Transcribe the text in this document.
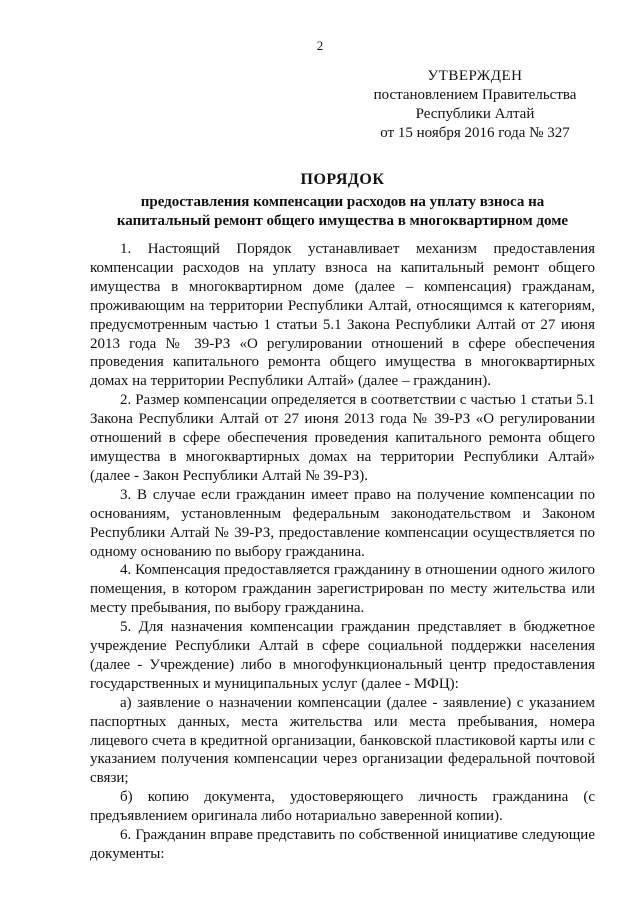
2
УТВЕРЖДЕН
постановлением Правительства
Республики Алтай
от 15 ноября 2016 года № 327
ПОРЯДОК
предоставления компенсации расходов на уплату взноса на
капитальный ремонт общего имущества в многоквартирном доме

1. Настоящий Порядок устанавливает механизм предоставления компенсации расходов на уплату взноса на капитальный ремонт общего имущества в многоквартирном доме (далее – компенсация) гражданам, проживающим на территории Республики Алтай, относящимся к категориям, предусмотренным частью 1 статьи 5.1 Закона Республики Алтай от 27 июня 2013 года № 39-РЗ «О регулировании отношений в сфере обеспечения проведения капитального ремонта общего имущества в многоквартирных домах на территории Республики Алтай» (далее – гражданин).

2. Размер компенсации определяется в соответствии с частью 1 статьи 5.1 Закона Республики Алтай от 27 июня 2013 года № 39-РЗ «О регулировании отношений в сфере обеспечения проведения капитального ремонта общего имущества в многоквартирных домах на территории Республики Алтай» (далее - Закон Республики Алтай № 39-РЗ).

3. В случае если гражданин имеет право на получение компенсации по основаниям, установленным федеральным законодательством и Законом Республики Алтай № 39-РЗ, предоставление компенсации осуществляется по одному основанию по выбору гражданина.

4. Компенсация предоставляется гражданину в отношении одного жилого помещения, в котором гражданин зарегистрирован по месту жительства или месту пребывания, по выбору гражданина.

5. Для назначения компенсации гражданин представляет в бюджетное учреждение Республики Алтай в сфере социальной поддержки населения (далее - Учреждение) либо в многофункциональный центр предоставления государственных и муниципальных услуг (далее - МФЦ):

а) заявление о назначении компенсации (далее - заявление) с указанием паспортных данных, места жительства или места пребывания, номера лицевого счета в кредитной организации, банковской пластиковой карты или с указанием получения компенсации через организации федеральной почтовой связи;

б) копию документа, удостоверяющего личность гражданина (с предъявлением оригинала либо нотариально заверенной копии).

6. Гражданин вправе представить по собственной инициативе следующие документы:
